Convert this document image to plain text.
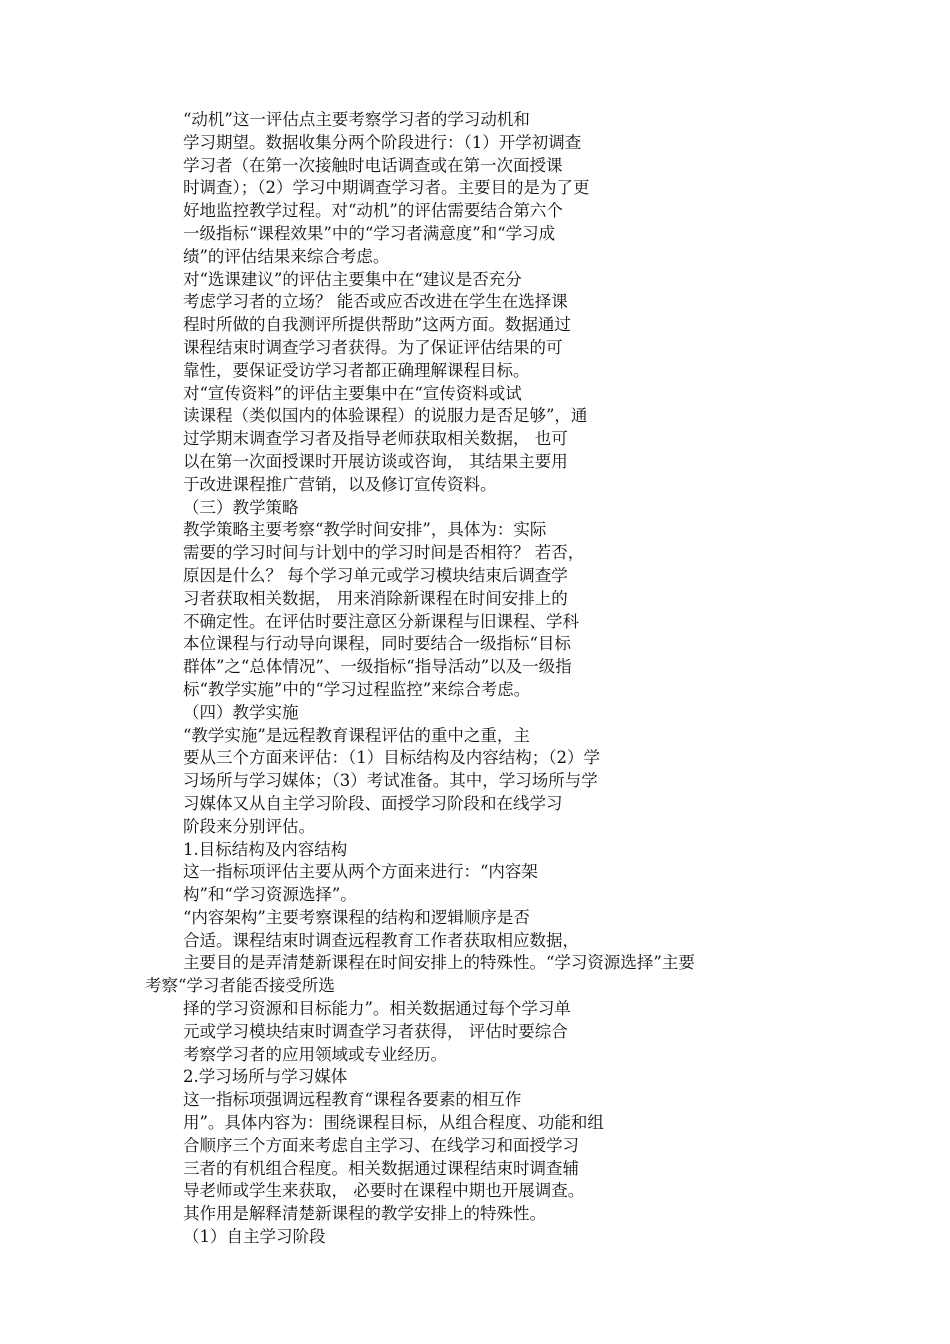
“动机”这一评估点主要考察学习者的学习动机和
学习期望。数据收集分两个阶段进行：（1）开学初调查
学习者（在第一次接触时电话调查或在第一次面授课
时调查）；（2）学习中期调查学习者。主要目的是为了更
好地监控教学过程。对“动机”的评估需要结合第六个
一级指标“课程效果”中的“学习者满意度”和“学习成
绩”的评估结果来综合考虑。
对“选课建议”的评估主要集中在“建议是否充分
考虑学习者的立场？ 能否或应否改进在学生在选择课
程时所做的自我测评所提供帮助”这两方面。数据通过
课程结束时调查学习者获得。为了保证评估结果的可
靠性，要保证受访学习者都正确理解课程目标。
对“宣传资料”的评估主要集中在“宣传资料或试
读课程（类似国内的体验课程）的说服力是否足够”，通
过学期末调查学习者及指导老师获取相关数据， 也可
以在第一次面授课时开展访谈或咨询， 其结果主要用
于改进课程推广营销，以及修订宣传资料。
（三）教学策略
教学策略主要考察“教学时间安排”，具体为：实际
需要的学习时间与计划中的学习时间是否相符？ 若否，
原因是什么？ 每个学习单元或学习模块结束后调查学
习者获取相关数据， 用来消除新课程在时间安排上的
不确定性。在评估时要注意区分新课程与旧课程、学科
本位课程与行动导向课程，同时要结合一级指标“目标
群体”之“总体情况”、一级指标“指导活动”以及一级指
标“教学实施”中的“学习过程监控”来综合考虑。
（四）教学实施
“教学实施”是远程教育课程评估的重中之重，主
要从三个方面来评估：（1）目标结构及内容结构；（2）学
习场所与学习媒体；（3）考试准备。其中，学习场所与学
习媒体又从自主学习阶段、面授学习阶段和在线学习
阶段来分别评估。
1.目标结构及内容结构
这一指标项评估主要从两个方面来进行：“内容架
构”和“学习资源选择”。
“内容架构”主要考察课程的结构和逻辑顺序是否
合适。课程结束时调查远程教育工作者获取相应数据，
主要目的是弄清楚新课程在时间安排上的特殊性。“学习资源选择”主要
考察“学习者能否接受所选
择的学习资源和目标能力”。相关数据通过每个学习单
元或学习模块结束时调查学习者获得， 评估时要综合
考察学习者的应用领域或专业经历。
2.学习场所与学习媒体
这一指标项强调远程教育“课程各要素的相互作
用”。具体内容为：围绕课程目标，从组合程度、功能和组
合顺序三个方面来考虑自主学习、在线学习和面授学习
三者的有机组合程度。相关数据通过课程结束时调查辅
导老师或学生来获取， 必要时在课程中期也开展调查。
其作用是解释清楚新课程的教学安排上的特殊性。
（1）自主学习阶段
